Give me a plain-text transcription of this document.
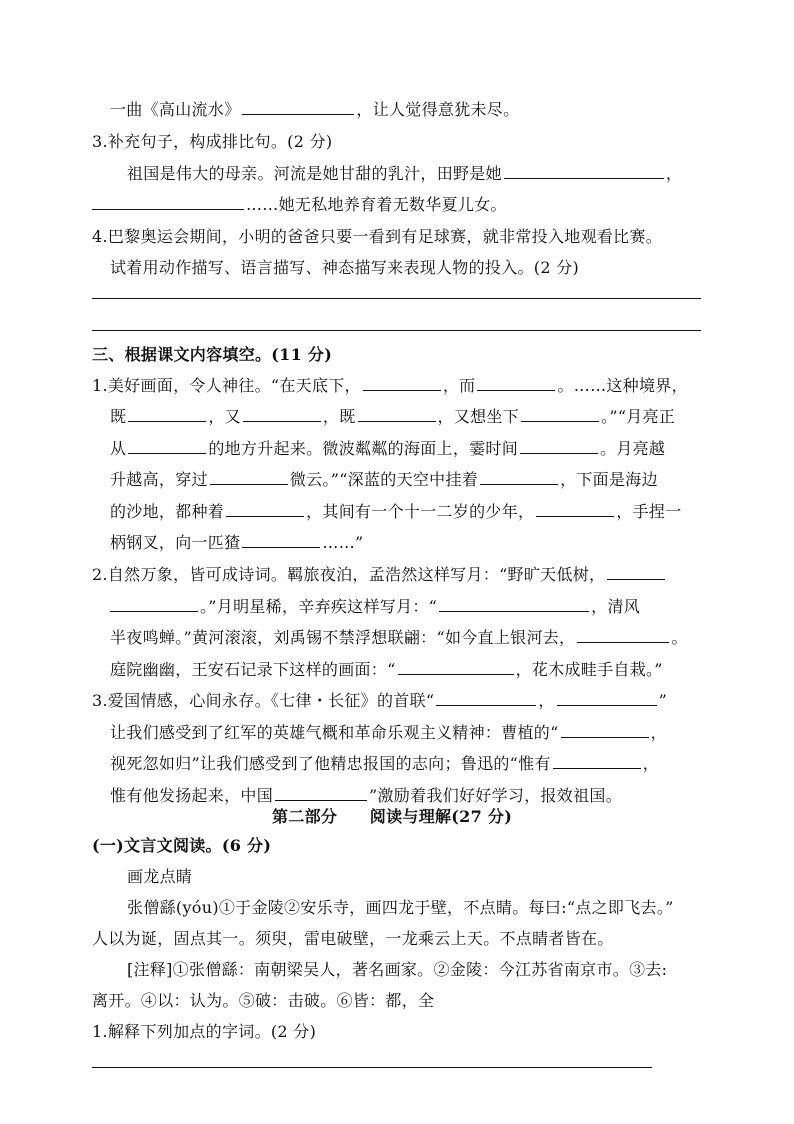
一曲《高山流水》	，让人觉得意犹未尽。
3.补充句子，构成排比句。(2 分)
祖国是伟大的母亲。河流是她甘甜的乳汁，田野是她	，
……她无私地养育着无数华夏儿女。
4.巴黎奥运会期间，小明的爸爸只要一看到有足球赛，就非常投入地观看比赛。
试着用动作描写、语言描写、神态描写来表现人物的投入。(2 分)
三、根据课文内容填空。(11 分)
1.美好画面，令人神往。“在天底下，	，而	。……这种境界，
既	，又	，既	，又想坐下	。”“月亮正
从	的地方升起来。微波粼粼的海面上，霎时间	。月亮越
升越高，穿过	微云。”“深蓝的天空中挂着	，下面是海边
的沙地，都种着	，其间有一个十一二岁的少年，	，手捏一
柄钢叉，向一匹猹	……”
2.自然万象，皆可成诗词。羁旅夜泊，孟浩然这样写月：“野旷天低树，
。”月明星稀，辛弃疾这样写月：“	，清风
半夜鸣蝉。”黄河滚滚，刘禹锡不禁浮想联翩：“如今直上银河去，	。
庭院幽幽，王安石记录下这样的画面：“	，花木成畦手自栽。”
3.爱国情感，心间永存。《七律・长征》的首联“	，	”
让我们感受到了红军的英雄气概和革命乐观主义精神：曹植的“	，
视死忽如归”让我们感受到了他精忠报国的志向；鲁迅的“惟有	，
惟有他发扬起来，中国	”激励着我们好好学习，报效祖国。
第二部分　　阅读与理解(27 分)
(一)文言文阅读。(6 分)
画龙点睛
张僧繇(yóu)①于金陵②安乐寺，画四龙于壁，不点睛。每曰:“点之即飞去。”
人以为诞，固点其一。须臾，雷电破壁，一龙乘云上天。不点睛者皆在。
[注释]①张僧繇：南朝梁吴人，著名画家。②金陵：今江苏省南京市。③去:
离开。④以：认为。⑤破：击破。⑥皆：都，全
1.解释下列加点的字词。(2 分)
